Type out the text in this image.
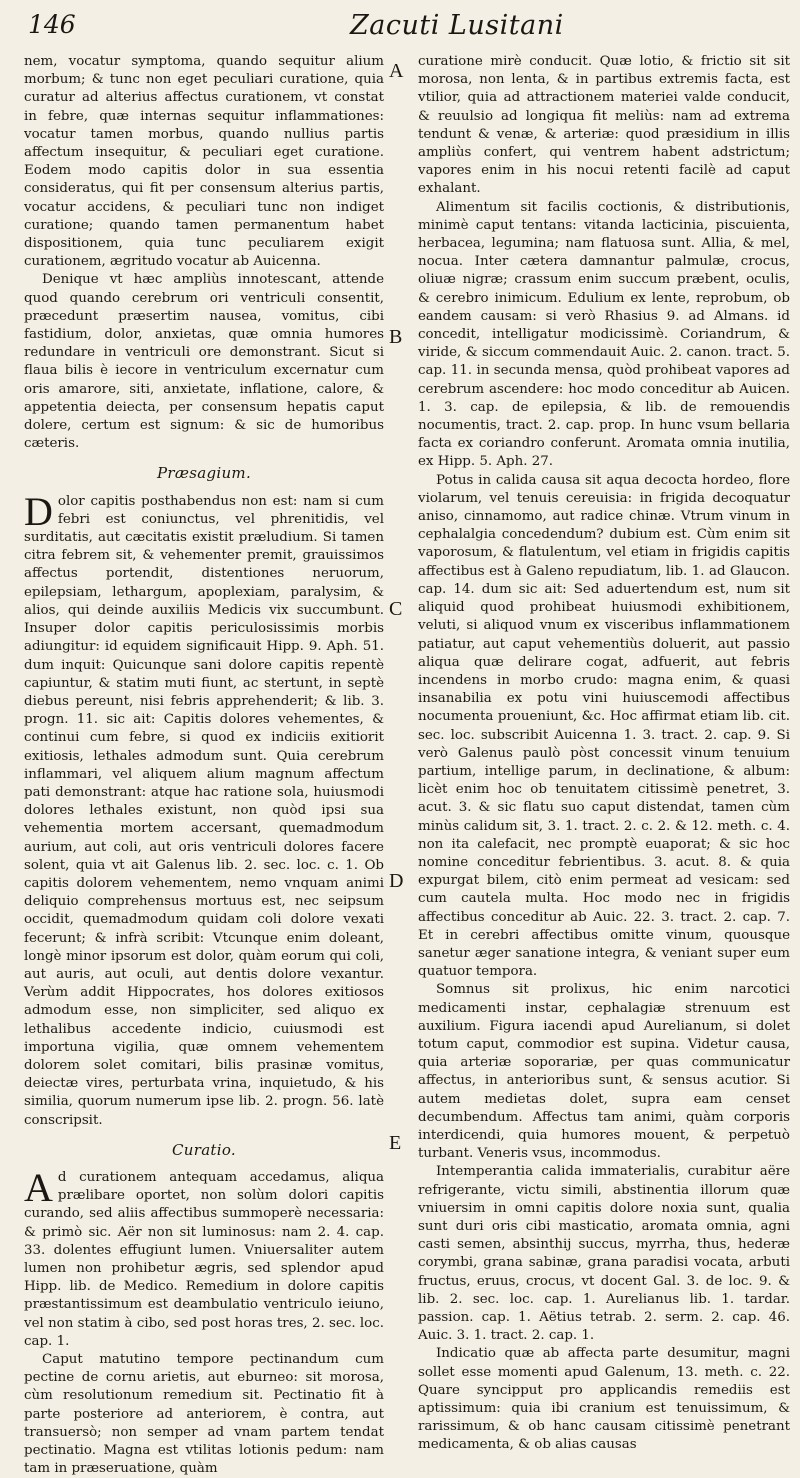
146	Zacuti Lusitani
A
B
C
D
E

nem, vocatur symptoma, quando sequitur alium morbum; & tunc non eget peculiari curatione, quia curatur ad alterius affectus curationem, vt constat in febre, quæ internas sequitur inflammationes: vocatur tamen morbus, quando nullius partis affectum insequitur, & peculiari eget curatione. Eodem modo capitis dolor in sua essentia consideratus, qui fit per consensum alterius partis, vocatur accidens, & peculiari tunc non indiget curatione; quando tamen permanentum habet dispositionem, quia tunc peculiarem exigit curationem, ægritudo vocatur ab Auicenna.

Denique vt hæc ampliùs innotescant, attende quod quando cerebrum ori ventriculi consentit, præcedunt præsertim nausea, vomitus, cibi fastidium, dolor, anxietas, quæ omnia humores redundare in ventriculi ore demonstrant. Sicut si flaua bilis è iecore in ventriculum excernatur cum oris amarore, siti, anxietate, inflatione, calore, & appetentia deiecta, per consensum hepatis caput dolere, certum est signum: & sic de humoribus cæteris.

Præsagium.

Dolor capitis posthabendus non est: nam si cum febri est coniunctus, vel phrenitidis, vel surditatis, aut cæcitatis existit præludium. Si tamen citra febrem sit, & vehementer premit, grauissimos affectus portendit, distentiones neruorum, epilepsiam, lethargum, apoplexiam, paralysim, & alios, qui deinde auxiliis Medicis vix succumbunt. Insuper dolor capitis periculosissimis morbis adiungitur: id equidem significauit Hipp. 9. Aph. 51. dum inquit: Quicunque sani dolore capitis repentè capiuntur, & statim muti fiunt, ac stertunt, in septè diebus pereunt, nisi febris apprehenderit; & lib. 3. progn. 11. sic ait: Capitis dolores vehementes, & continui cum febre, si quod ex indiciis exitiorit exitiosis, lethales admodum sunt. Quia cerebrum inflammari, vel aliquem alium magnum affectum pati demonstrant: atque hac ratione sola, huiusmodi dolores lethales existunt, non quòd ipsi sua vehementia mortem accersant, quemadmodum aurium, aut coli, aut oris ventriculi dolores facere solent, quia vt ait Galenus lib. 2. sec. loc. c. 1. Ob capitis dolorem vehementem, nemo vnquam animi deliquio comprehensus mortuus est, nec seipsum occidit, quemadmodum quidam coli dolore vexati fecerunt; & infrà scribit: Vtcunque enim doleant, longè minor ipsorum est dolor, quàm eorum qui coli, aut auris, aut oculi, aut dentis dolore vexantur. Verùm addit Hippocrates, hos dolores exitiosos admodum esse, non simpliciter, sed aliquo ex lethalibus accedente indicio, cuiusmodi est importuna vigilia, quæ omnem vehementem dolorem solet comitari, bilis prasinæ vomitus, deiectæ vires, perturbata vrina, inquietudo, & his similia, quorum numerum ipse lib. 2. progn. 56. latè conscripsit.

Curatio.

Ad curationem antequam accedamus, aliqua prælibare oportet, non solùm dolori capitis curando, sed aliis affectibus summoperè necessaria: & primò sic. Aër non sit luminosus: nam 2. 4. cap. 33. dolentes effugiunt lumen. Vniuersaliter autem lumen non prohibetur ægris, sed splendor apud Hipp. lib. de Medico. Remedium in dolore capitis præstantissimum est deambulatio ventriculo ieiuno, vel non statim à cibo, sed post horas tres, 2. sec. loc. cap. 1.

Caput matutino tempore pectinandum cum pectine de cornu arietis, aut eburneo: sit morosa, cùm resolutionum remedium sit. Pectinatio fit à parte posteriore ad anteriorem, è contra, aut transuersò; non semper ad vnam partem tendat pectinatio. Magna est vtilitas lotionis pedum: nam tam in præseruatione, quàm

curatione mirè conducit. Quæ lotio, & frictio sit sit morosa, non lenta, & in partibus extremis facta, est vtilior, quia ad attractionem materiei valde conducit, & reuulsio ad longiqua fit meliùs: nam ad extrema tendunt & venæ, & arteriæ: quod præsidium in illis ampliùs confert, qui ventrem habent adstrictum; vapores enim in his nocui retenti facilè ad caput exhalant.

Alimentum sit facilis coctionis, & distributionis, minimè caput tentans: vitanda lacticinia, piscuienta, herbacea, legumina; nam flatuosa sunt. Allia, & mel, nocua. Inter cætera damnantur palmulæ, crocus, oliuæ nigræ; crassum enim succum præbent, oculis, & cerebro inimicum. Edulium ex lente, reprobum, ob eandem causam: si verò Rhasius 9. ad Almans. id concedit, intelligatur modicissimè. Coriandrum, & viride, & siccum commendauit Auic. 2. canon. tract. 5. cap. 11. in secunda mensa, quòd prohibeat vapores ad cerebrum ascendere: hoc modo conceditur ab Auicen. 1. 3. cap. de epilepsia, & lib. de remouendis nocumentis, tract. 2. cap. prop. In hunc vsum bellaria facta ex coriandro conferunt. Aromata omnia inutilia, ex Hipp. 5. Aph. 27.

Potus in calida causa sit aqua decocta hordeo, flore violarum, vel tenuis cereuisia: in frigida decoquatur aniso, cinnamomo, aut radice chinæ. Vtrum vinum in cephalalgia concedendum? dubium est. Cùm enim sit vaporosum, & flatulentum, vel etiam in frigidis capitis affectibus est à Galeno repudiatum, lib. 1. ad Glaucon. cap. 14. dum sic ait: Sed aduertendum est, num sit aliquid quod prohibeat huiusmodi exhibitionem, veluti, si aliquod vnum ex visceribus inflammationem patiatur, aut caput vehementiùs doluerit, aut passio aliqua quæ delirare cogat, adfuerit, aut febris incendens in morbo crudo: magna enim, & quasi insanabilia ex potu vini huiuscemodi affectibus nocumenta proueniunt, &c. Hoc affirmat etiam lib. cit. sec. loc. subscribit Auicenna 1. 3. tract. 2. cap. 9. Si verò Galenus paulò pòst concessit vinum tenuium partium, intellige parum, in declinatione, & album: licèt enim hoc ob tenuitatem citissimè penetret, 3. acut. 3. & sic flatu suo caput distendat, tamen cùm minùs calidum sit, 3. 1. tract. 2. c. 2. & 12. meth. c. 4. non ita calefacit, nec promptè euaporat; & sic hoc nomine conceditur febrientibus. 3. acut. 8. & quia expurgat bilem, citò enim permeat ad vesicam: sed cum cautela multa. Hoc modo nec in frigidis affectibus conceditur ab Auic. 22. 3. tract. 2. cap. 7. Et in cerebri affectibus omitte vinum, quousque sanetur æger sanatione integra, & veniant super eum quatuor tempora.

Somnus sit prolixus, hic enim narcotici medicamenti instar, cephalagiæ strenuum est auxilium. Figura iacendi apud Aurelianum, si dolet totum caput, commodior est supina. Videtur causa, quia arteriæ soporariæ, per quas communicatur affectus, in anterioribus sunt, & sensus acutior. Si autem medietas dolet, supra eam censet decumbendum. Affectus tam animi, quàm corporis interdicendi, quia humores mouent, & perpetuò turbant. Veneris vsus, incommodus.

Intemperantia calida immaterialis, curabitur aëre refrigerante, victu simili, abstinentia illorum quæ vniuersim in omni capitis dolore noxia sunt, qualia sunt duri oris cibi masticatio, aromata omnia, agni casti semen, absinthij succus, myrrha, thus, hederæ corymbi, grana sabinæ, grana paradisi vocata, arbuti fructus, eruus, crocus, vt docent Gal. 3. de loc. 9. & lib. 2. sec. loc. cap. 1. Aurelianus lib. 1. tardar. passion. cap. 1. Aëtius tetrab. 2. serm. 2. cap. 46. Auic. 3. 1. tract. 2. cap. 1.

Indicatio quæ ab affecta parte desumitur, magni sollet esse momenti apud Galenum, 13. meth. c. 22. Quare syncipput pro applicandis remediis est aptissimum: quia ibi cranium est tenuissimum, & rarissimum, & ob hanc causam citissimè penetrant medicamenta, & ob alias causas
